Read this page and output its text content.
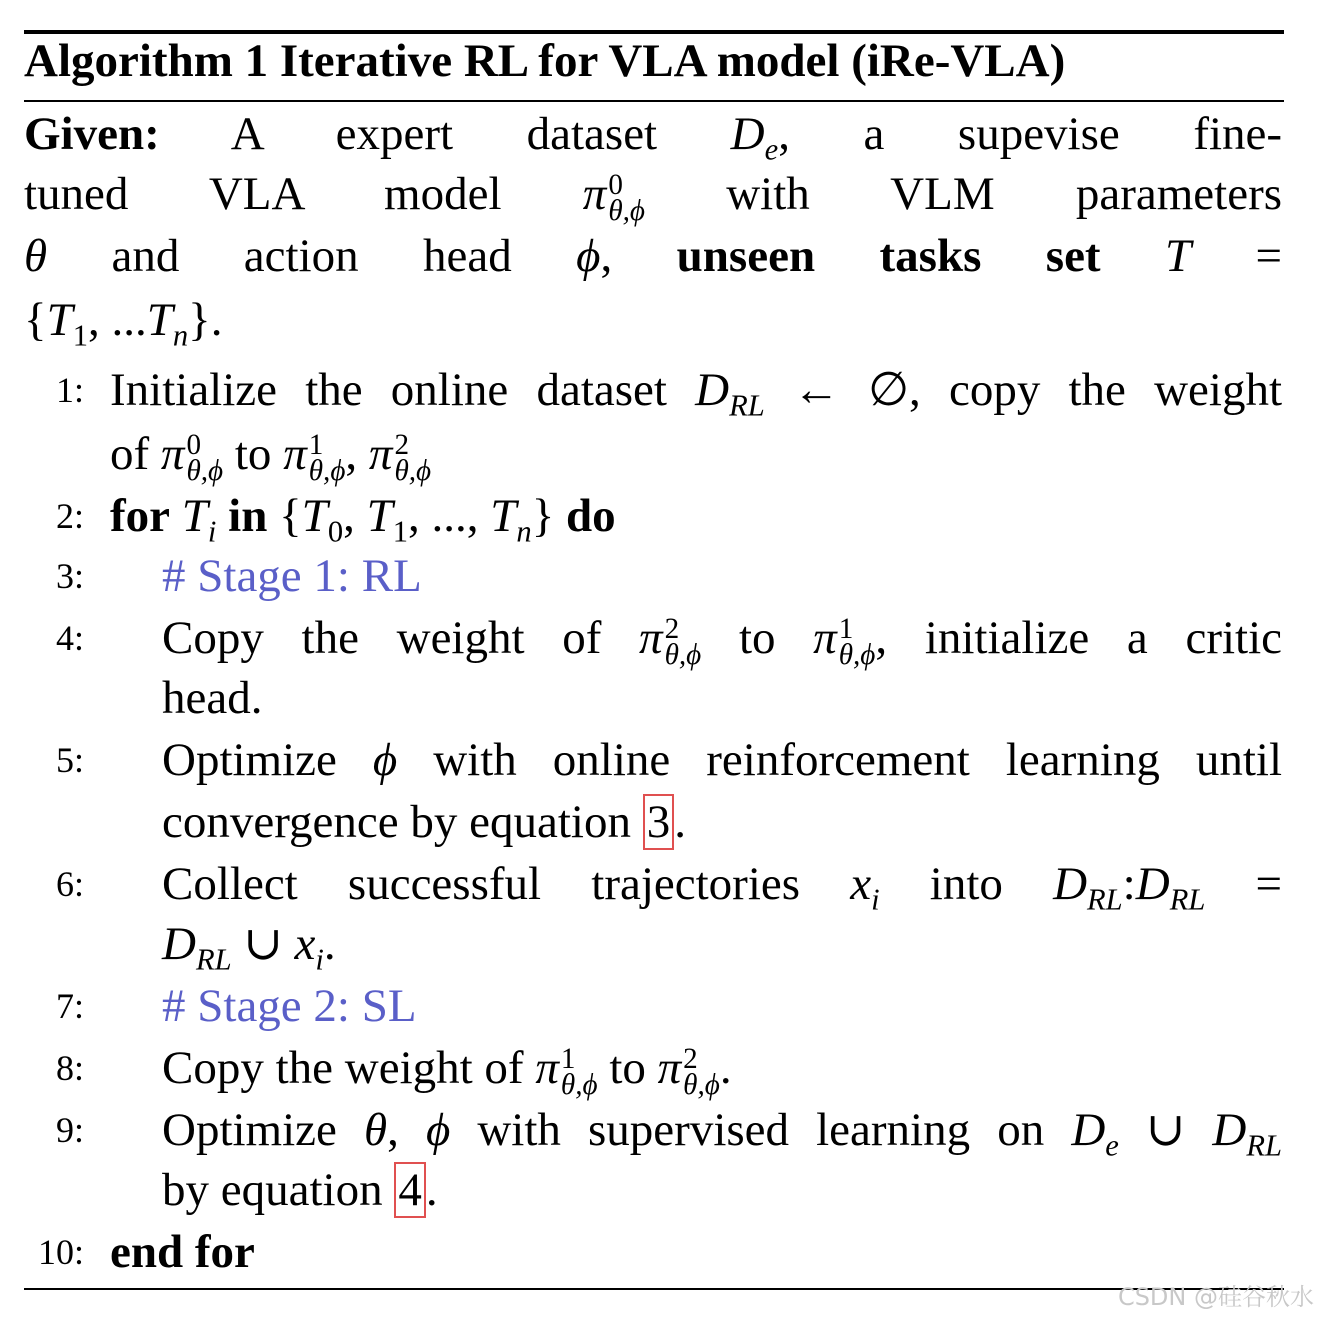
Algorithm 1 Iterative RL for VLA model (iRe-VLA)
Given: A expert dataset $D_e$, a supevise fine-
tuned VLA model π 0
θ,ϕ with VLM parameters
θ and action head ϕ, unseen tasks set T =
{$T_1$, $...T_n$}.
1: Initialize the online dataset $D_{RL}$ ← ∅, copy the weight
of π 0
θ,ϕ to π 1
θ,ϕ , π 2
θ,ϕ
2: for $T_i$ in {$T_0$, $T_1$, ..., $T_n$} do
3: # Stage 1: RL
4: Copy the weight of π 2
θ,ϕ to π 1
θ,ϕ , initialize a critic
head.
5: Optimize ϕ with online reinforcement learning until
convergence by equation 3.
6: Collect successful trajectories $x_i$ into $D_{RL}:D_{RL}$ =
$D_{RL}$ ∪ $x_i$.
7: # Stage 2: SL
8: Copy the weight of π 1
θ,ϕ to π 2
θ,ϕ .
9: Optimize θ, ϕ with supervised learning on $D_e$ ∪ $D_{RL}$
by equation 4.
10: end for
CSDN @硅谷秋水
